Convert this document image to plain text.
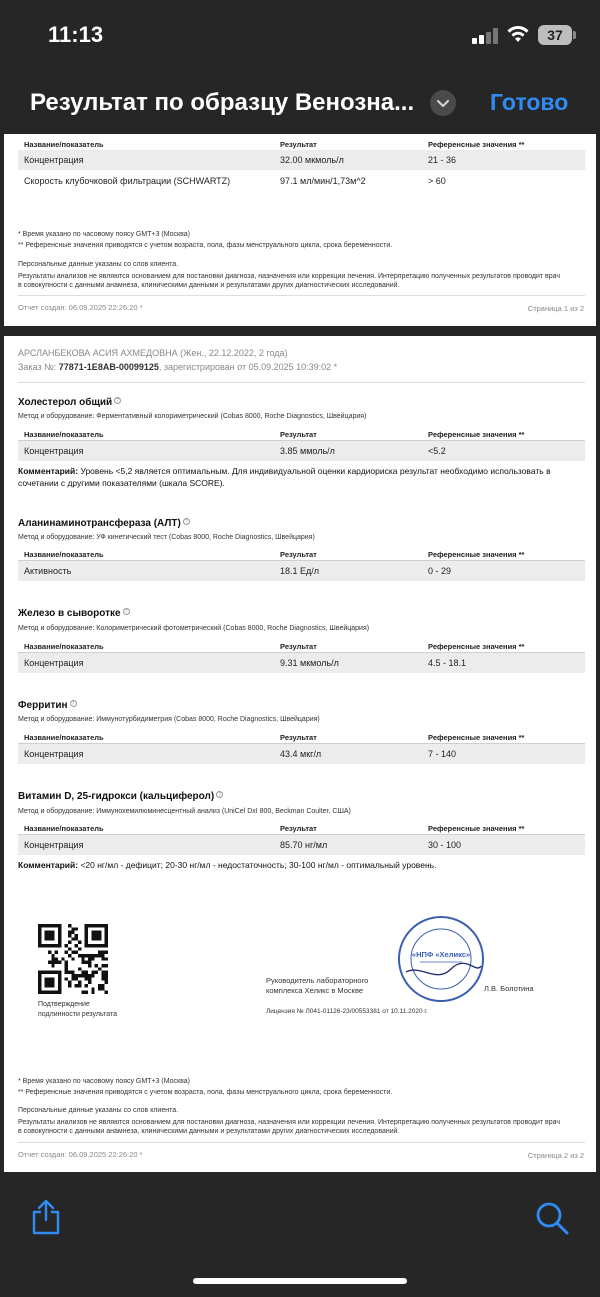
11:13	37
Результат по образцу Венозна...	Готово
Название/показатель	Результат	Референсные значения **
Концентрация	32.00 мкмоль/л	21 - 36
Скорость клубочковой фильтрации (SCHWARTZ)	97.1 мл/мин/1,73м^2	> 60
* Время указано по часовому поясу GMT+3 (Москва)
** Референсные значения приводятся с учетом возраста, пола, фазы менструального цикла, срока беременности.
Персональные данные указаны со слов клиента.
Результаты анализов не являются основанием для постановки диагноза, назначения или коррекции лечения. Интерпретацию полученных результатов проводит врач
в совокупности с данными анамнеза, клиническими данными и результатами других диагностических исследований.
Отчет создан: 06.09.2025 22:26:20 *	Страница 1 из 2
АРСЛАНБЕКОВА АСИЯ АХМЕДОВНА (Жен., 22.12.2022, 2 года)
Заказ №: 77871-1E8AB-00099125, зарегистрирован от 05.09.2025 10:39:02 *
Холестерол общий ?
Метод и оборудование: Ферментативный колориметрический (Cobas 8000, Roche Diagnostics, Швейцария)
Название/показатель	Результат	Референсные значения **
Концентрация	3.85 ммоль/л	<5.2
Комментарий: Уровень <5,2 является оптимальным. Для индивидуальной оценки кардиориска результат необходимо использовать в сочетании с другими показателями (шкала SCORE).
Аланинаминотрансфераза (АЛТ) ?
Метод и оборудование: УФ кинетический тест (Cobas 8000, Roche Diagnostics, Швейцария)
Название/показатель	Результат	Референсные значения **
Активность	18.1 Ед/л	0 - 29
Железо в сыворотке ?
Метод и оборудование: Колориметрический фотометрический (Cobas 8000, Roche Diagnostics, Швейцария)
Название/показатель	Результат	Референсные значения **
Концентрация	9.31 мкмоль/л	4.5 - 18.1
Ферритин ?
Метод и оборудование: Иммунотурбидиметрия (Cobas 8000, Roche Diagnostics, Швейцария)
Название/показатель	Результат	Референсные значения **
Концентрация	43.4 мкг/л	7 - 140
Витамин D, 25-гидрокси (кальциферол) ?
Метод и оборудование: Иммунохемилюминесцентный анализ (UniCel DxI 800, Beckman Coulter, США)
Название/показатель	Результат	Референсные значения **
Концентрация	85.70 нг/мл	30 - 100
Комментарий: <20 нг/мл - дефицит; 20-30 нг/мл - недостаточность; 30-100 нг/мл - оптимальный уровень.
Подтверждение
подлинности результата
Руководитель лабораторного
комплекса Хеликс в Москве
«НПФ «Хеликс»
Л.В. Болотина
Лицензия № Л041-01126-23/00553381 от 10.11.2020 г.
* Время указано по часовому поясу GMT+3 (Москва)
** Референсные значения приводятся с учетом возраста, пола, фазы менструального цикла, срока беременности.
Персональные данные указаны со слов клиента.
Результаты анализов не являются основанием для постановки диагноза, назначения или коррекции лечения. Интерпретацию полученных результатов проводит врач
в совокупности с данными анамнеза, клиническими данными и результатами других диагностических исследований.
Отчет создан: 06.09.2025 22:26:20 *	Страница 2 из 2
